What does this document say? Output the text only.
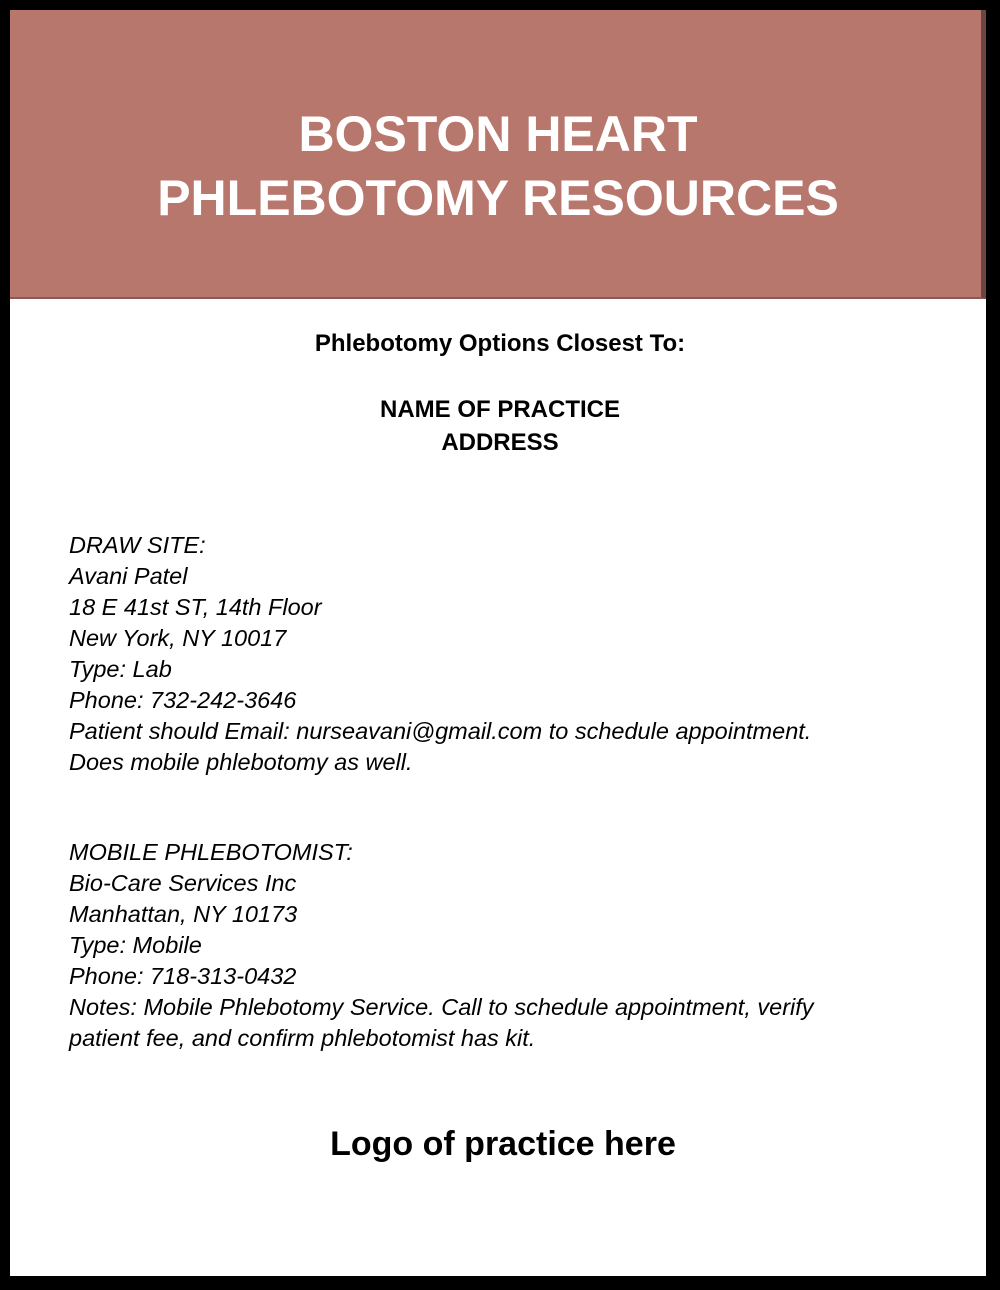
BOSTON HEART
PHLEBOTOMY RESOURCES
Phlebotomy Options Closest To:
NAME OF PRACTICE
ADDRESS
DRAW SITE:
Avani Patel
18 E 41st ST, 14th Floor
New York, NY 10017
Type: Lab
Phone: 732-242-3646
Patient should Email: nurseavani@gmail.com to schedule appointment.
Does mobile phlebotomy as well.
MOBILE PHLEBOTOMIST:
Bio-Care Services Inc
Manhattan, NY 10173
Type: Mobile
Phone: 718-313-0432
Notes: Mobile Phlebotomy Service. Call to schedule appointment, verify
patient fee, and confirm phlebotomist has kit.
Logo of practice here
